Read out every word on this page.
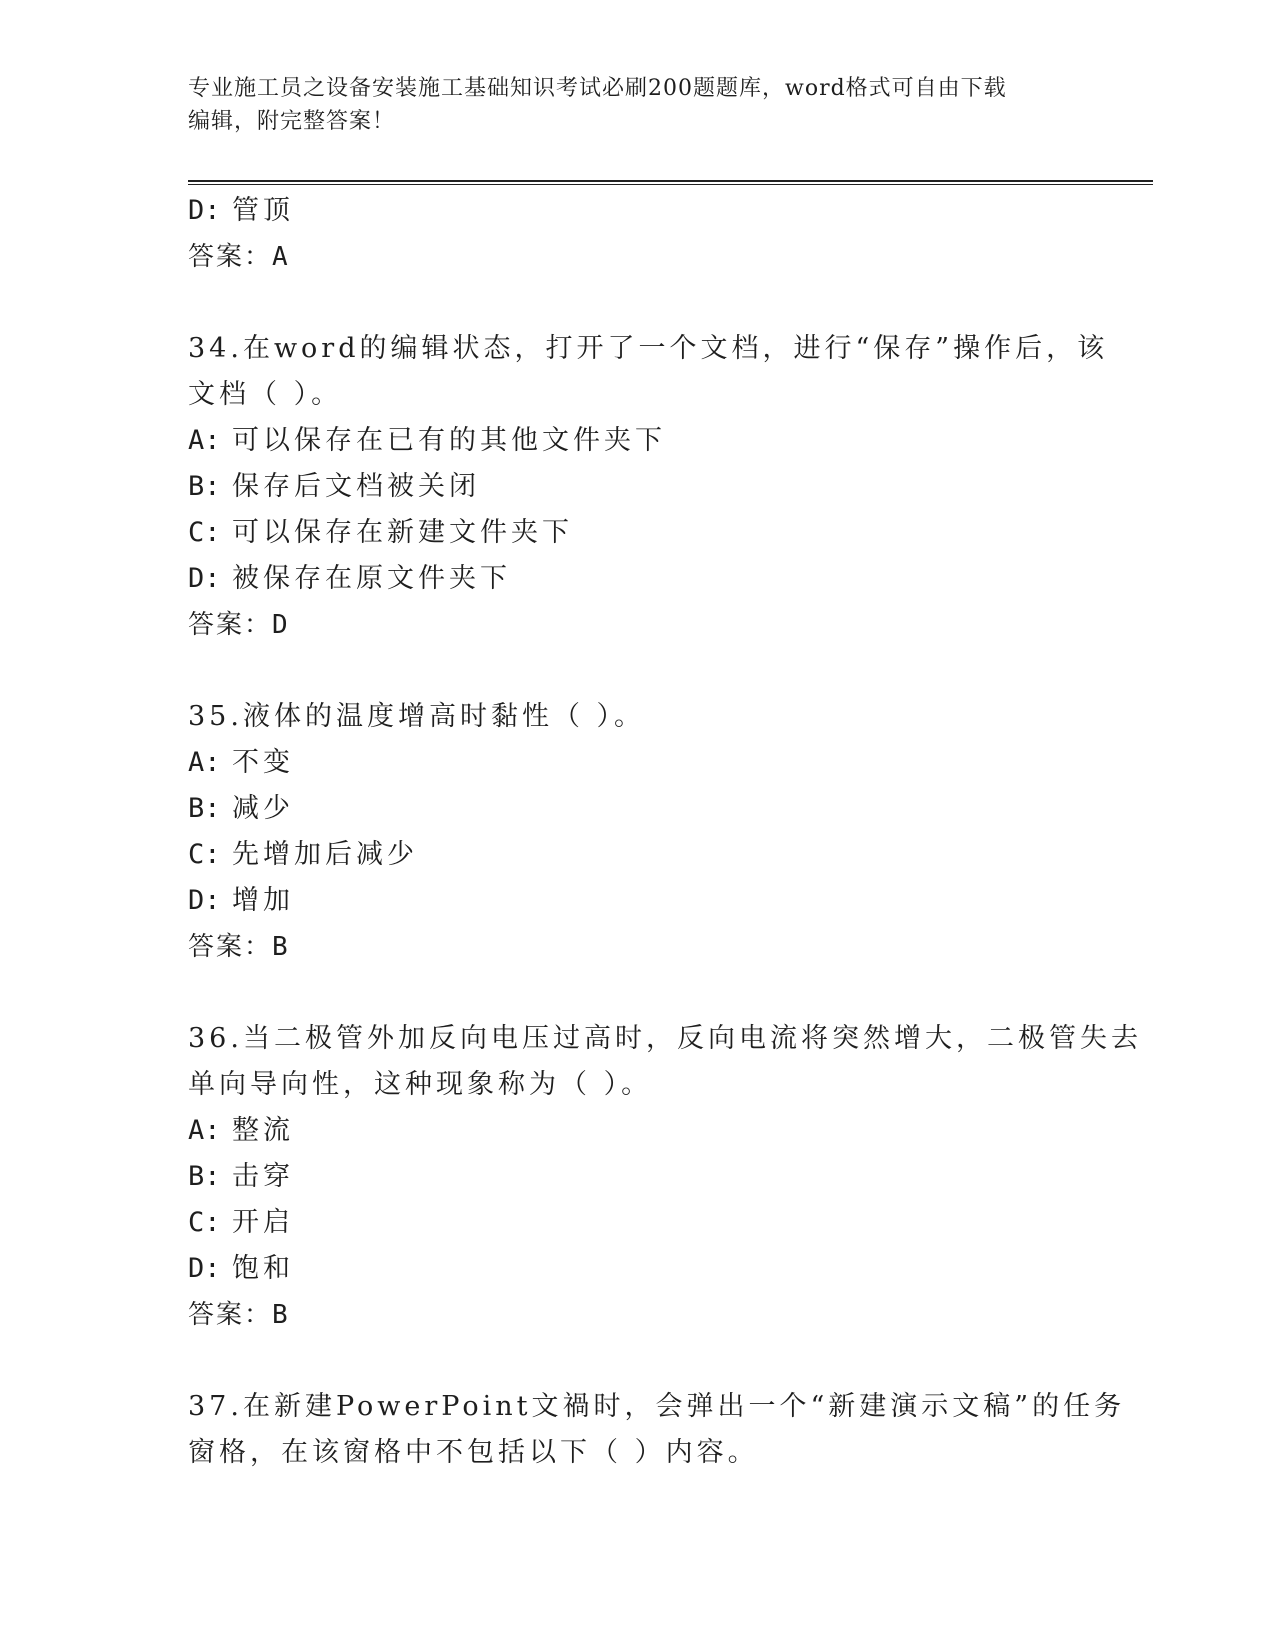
专业施工员之设备安装施工基础知识考试必刷200题题库，word格式可自由下载
编辑，附完整答案！
D: 管顶
答案：A
34.在word的编辑状态，打开了一个文档，进行“保存”操作后，该
文档（ ）。
A: 可以保存在已有的其他文件夹下
B: 保存后文档被关闭
C: 可以保存在新建文件夹下
D: 被保存在原文件夹下
答案：D
35.液体的温度增高时黏性（ ）。
A: 不变
B: 减少
C: 先增加后减少
D: 增加
答案：B
36.当二极管外加反向电压过高时，反向电流将突然增大，二极管失去
单向导向性，这种现象称为（ ）。
A: 整流
B: 击穿
C: 开启
D: 饱和
答案：B
37.在新建PowerPoint文禍时，会弹出一个“新建演示文稿”的任务
窗格，在该窗格中不包括以下（ ）内容。
